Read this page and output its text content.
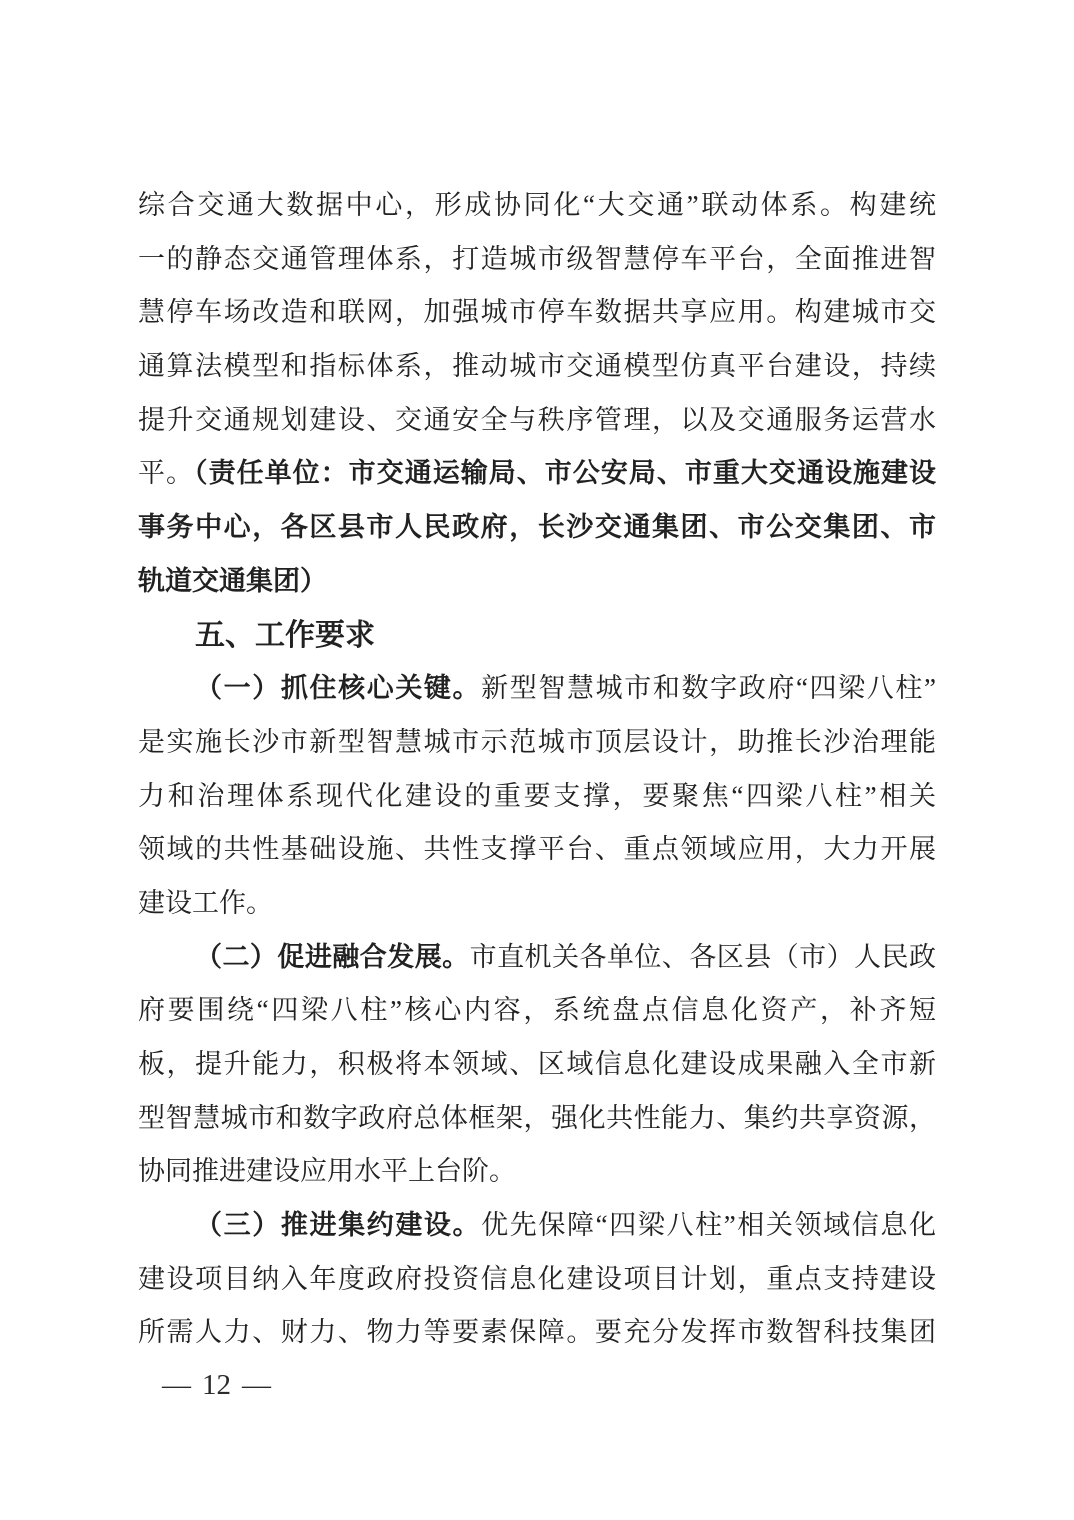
综合交通大数据中心，形成协同化“大交通”联动体系。构建统

一的静态交通管理体系，打造城市级智慧停车平台，全面推进智

慧停车场改造和联网，加强城市停车数据共享应用。构建城市交

通算法模型和指标体系，推动城市交通模型仿真平台建设，持续

提升交通规划建设、交通安全与秩序管理，以及交通服务运营水

平。（责任单位：市交通运输局、市公安局、市重大交通设施建设

事务中心，各区县市人民政府，长沙交通集团、市公交集团、市

轨道交通集团）

五、工作要求

（一）抓住核心关键。新型智慧城市和数字政府“四梁八柱”

是实施长沙市新型智慧城市示范城市顶层设计，助推长沙治理能

力和治理体系现代化建设的重要支撑，要聚焦“四梁八柱”相关

领域的共性基础设施、共性支撑平台、重点领域应用，大力开展

建设工作。

（二）促进融合发展。市直机关各单位、各区县（市）人民政

府要围绕“四梁八柱”核心内容，系统盘点信息化资产，补齐短

板，提升能力，积极将本领域、区域信息化建设成果融入全市新

型智慧城市和数字政府总体框架，强化共性能力、集约共享资源，

协同推进建设应用水平上台阶。

（三）推进集约建设。优先保障“四梁八柱”相关领域信息化

建设项目纳入年度政府投资信息化建设项目计划，重点支持建设

所需人力、财力、物力等要素保障。要充分发挥市数智科技集团

— 12 —
